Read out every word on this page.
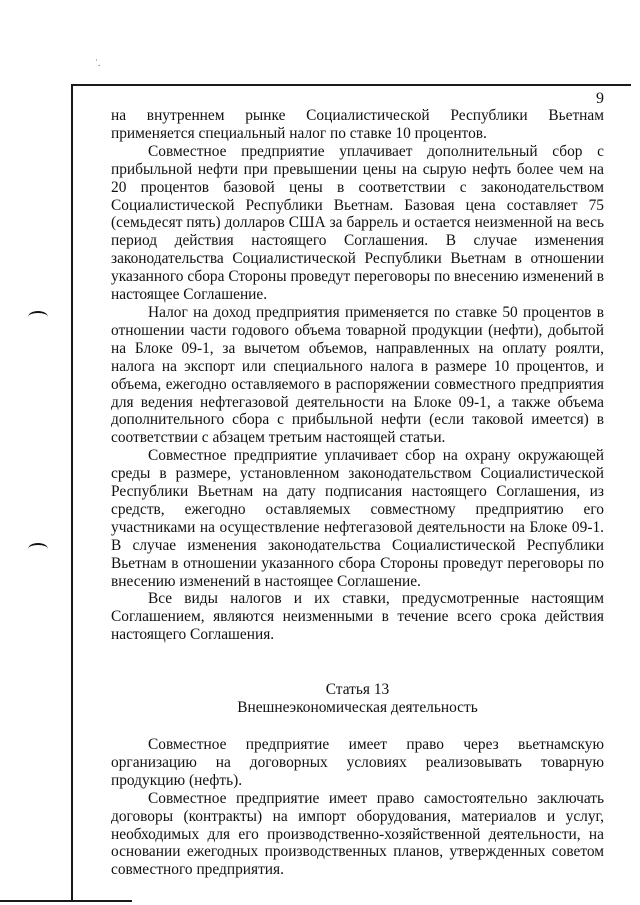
˙.
9

на внутреннем рынке Социалистической Республики Вьетнам применяется специальный налог по ставке 10 процентов.

Совместное предприятие уплачивает дополнительный сбор с прибыльной нефти при превышении цены на сырую нефть более чем на 20 процентов базовой цены в соответствии с законодательством Социалистической Республики Вьетнам. Базовая цена составляет 75 (семьдесят пять) долларов США за баррель и остается неизменной на весь период действия настоящего Соглашения. В случае изменения законодательства Социалистической Республики Вьетнам в отношении указанного сбора Стороны проведут переговоры по внесению изменений в настоящее Соглашение.

Налог на доход предприятия применяется по ставке 50 процентов в отношении части годового объема товарной продукции (нефти), добытой на Блоке 09-1, за вычетом объемов, направленных на оплату роялти, налога на экспорт или специального налога в размере 10 процентов, и объема, ежегодно оставляемого в распоряжении совместного предприятия для ведения нефтегазовой деятельности на Блоке 09-1, а также объема дополнительного сбора с прибыльной нефти (если таковой имеется) в соответствии с абзацем третьим настоящей статьи.

Совместное предприятие уплачивает сбор на охрану окружающей среды в размере, установленном законодательством Социалистической Республики Вьетнам на дату подписания настоящего Соглашения, из средств, ежегодно оставляемых совместному предприятию его участниками на осуществление нефтегазовой деятельности на Блоке 09-1. В случае изменения законодательства Социалистической Республики Вьетнам в отношении указанного сбора Стороны проведут переговоры по внесению изменений в настоящее Соглашение.

Все виды налогов и их ставки, предусмотренные настоящим Соглашением, являются неизменными в течение всего срока действия настоящего Соглашения.

Статья 13

Внешнеэкономическая деятельность

Совместное предприятие имеет право через вьетнамскую организацию на договорных условиях реализовывать товарную продукцию (нефть).

Совместное предприятие имеет право самостоятельно заключать договоры (контракты) на импорт оборудования, материалов и услуг, необходимых для его производственно-хозяйственной деятельности, на основании ежегодных производственных планов, утвержденных советом совместного предприятия.
